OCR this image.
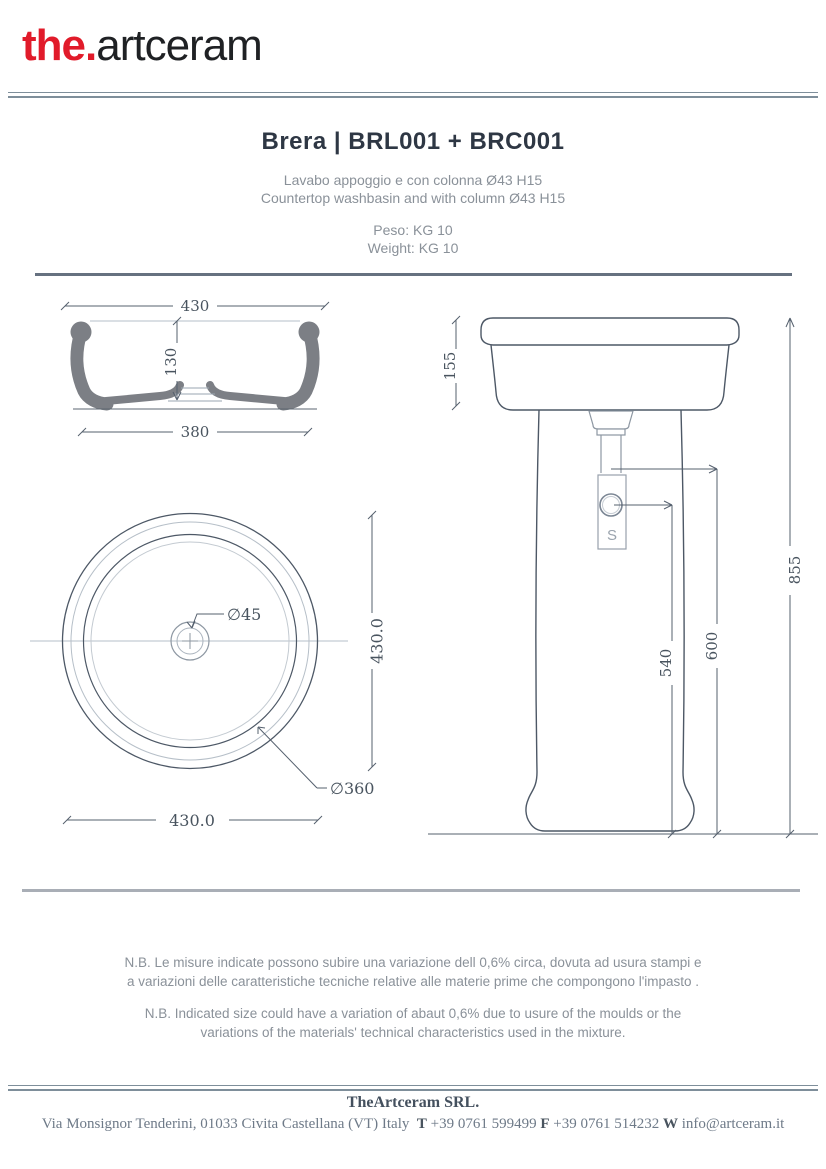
the.artceram
Brera | BRL001 + BRC001
Lavabo appoggio e con colonna Ø43 H15
Countertop washbasin and with column Ø43 H15
Peso: KG 10
Weight: KG 10
430
130
380
S
155
855
600
540
∅45
∅360
430.0
430.0
N.B. Le misure indicate possono subire una variazione dell 0,6% circa, dovuta ad usura stampi e
a variazioni delle caratteristiche tecniche relative alle materie prime che compongono l'impasto .
N.B. Indicated size could have a variation of abaut 0,6% due to usure of the moulds or the
variations of the materials' technical characteristics used in the mixture.
TheArtceram SRL.
Via Monsignor Tenderini, 01033 Civita Castellana (VT) Italy T +39 0761 599499 F +39 0761 514232 W info@artceram.it
